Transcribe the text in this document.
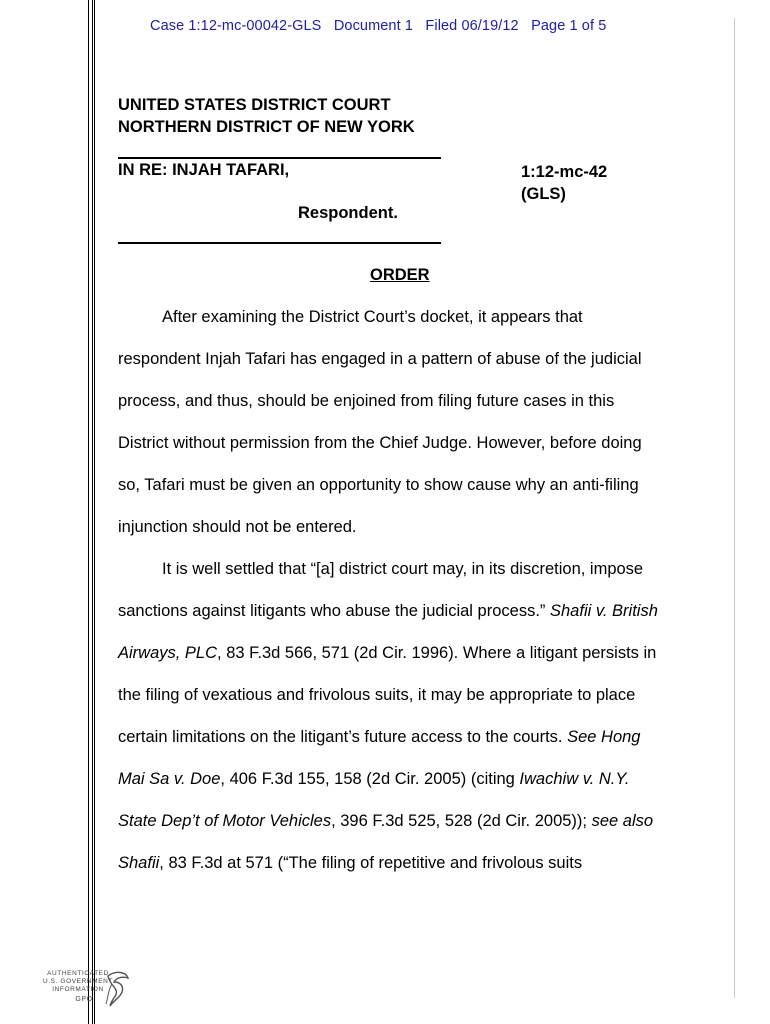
Case 1:12-mc-00042-GLS Document 1 Filed 06/19/12 Page 1 of 5
UNITED STATES DISTRICT COURT
NORTHERN DISTRICT OF NEW YORK
IN RE: INJAH TAFARI,	1:12-mc-42
(GLS)
Respondent.
ORDER
After examining the District Court’s docket, it appears that
respondent Injah Tafari has engaged in a pattern of abuse of the judicial
process, and thus, should be enjoined from filing future cases in this
District without permission from the Chief Judge. However, before doing
so, Tafari must be given an opportunity to show cause why an anti-filing
injunction should not be entered.
It is well settled that “[a] district court may, in its discretion, impose
sanctions against litigants who abuse the judicial process.” Shafii v. British
Airways, PLC, 83 F.3d 566, 571 (2d Cir. 1996). Where a litigant persists in
the filing of vexatious and frivolous suits, it may be appropriate to place
certain limitations on the litigant’s future access to the courts. See Hong
Mai Sa v. Doe, 406 F.3d 155, 158 (2d Cir. 2005) (citing Iwachiw v. N.Y.
State Dep’t of Motor Vehicles, 396 F.3d 525, 528 (2d Cir. 2005)); see also
Shafii, 83 F.3d at 571 (“The filing of repetitive and frivolous suits
AUTHENTICATED
U.S. GOVERNMENT
INFORMATION
GPO
